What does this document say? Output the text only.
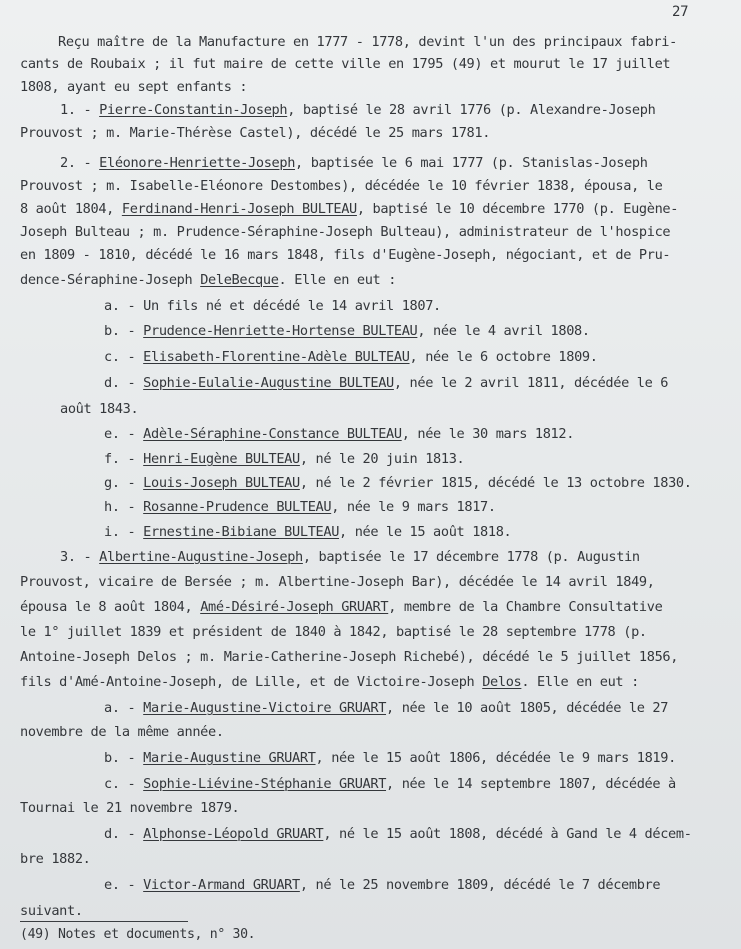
27
Reçu maître de la Manufacture en 1777 - 1778, devint l'un des principaux fabri-
cants de Roubaix ; il fut maire de cette ville en 1795 (49) et mourut le 17 juillet
1808, ayant eu sept enfants :
1. - Pierre-Constantin-Joseph, baptisé le 28 avril 1776 (p. Alexandre-Joseph
Prouvost ; m. Marie-Thérèse Castel), décédé le 25 mars 1781.
2. - Eléonore-Henriette-Joseph, baptisée le 6 mai 1777 (p. Stanislas-Joseph
Prouvost ; m. Isabelle-Eléonore Destombes), décédée le 10 février 1838, épousa, le
8 août 1804, Ferdinand-Henri-Joseph BULTEAU, baptisé le 10 décembre 1770 (p. Eugène-
Joseph Bulteau ; m. Prudence-Séraphine-Joseph Bulteau), administrateur de l'hospice
en 1809 - 1810, décédé le 16 mars 1848, fils d'Eugène-Joseph, négociant, et de Pru-
dence-Séraphine-Joseph DeleBecque. Elle en eut :
a. - Un fils né et décédé le 14 avril 1807.
b. - Prudence-Henriette-Hortense BULTEAU, née le 4 avril 1808.
c. - Elisabeth-Florentine-Adèle BULTEAU, née le 6 octobre 1809.
d. - Sophie-Eulalie-Augustine BULTEAU, née le 2 avril 1811, décédée le 6
août 1843.
e. - Adèle-Séraphine-Constance BULTEAU, née le 30 mars 1812.
f. - Henri-Eugène BULTEAU, né le 20 juin 1813.
g. - Louis-Joseph BULTEAU, né le 2 février 1815, décédé le 13 octobre 1830.
h. - Rosanne-Prudence BULTEAU, née le 9 mars 1817.
i. - Ernestine-Bibiane BULTEAU, née le 15 août 1818.
3. - Albertine-Augustine-Joseph, baptisée le 17 décembre 1778 (p. Augustin
Prouvost, vicaire de Bersée ; m. Albertine-Joseph Bar), décédée le 14 avril 1849,
épousa le 8 août 1804, Amé-Désiré-Joseph GRUART, membre de la Chambre Consultative
le 1° juillet 1839 et président de 1840 à 1842, baptisé le 28 septembre 1778 (p.
Antoine-Joseph Delos ; m. Marie-Catherine-Joseph Richebé), décédé le 5 juillet 1856,
fils d'Amé-Antoine-Joseph, de Lille, et de Victoire-Joseph Delos. Elle en eut :
a. - Marie-Augustine-Victoire GRUART, née le 10 août 1805, décédée le 27
novembre de la même année.
b. - Marie-Augustine GRUART, née le 15 août 1806, décédée le 9 mars 1819.
c. - Sophie-Liévine-Stéphanie GRUART, née le 14 septembre 1807, décédée à
Tournai le 21 novembre 1879.
d. - Alphonse-Léopold GRUART, né le 15 août 1808, décédé à Gand le 4 décem-
bre 1882.
e. - Victor-Armand GRUART, né le 25 novembre 1809, décédé le 7 décembre
suivant.
(49) Notes et documents, n° 30.
